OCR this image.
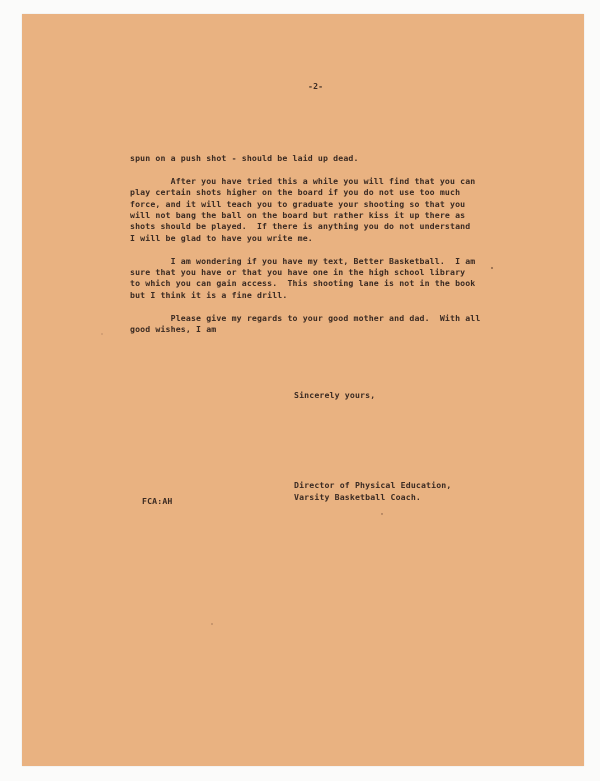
-2-

spun on a push shot - should be laid up dead.

After you have tried this a while you will find that you can
play certain shots higher on the board if you do not use too much
force, and it will teach you to graduate your shooting so that you
will not bang the ball on the board but rather kiss it up there as
shots should be played.  If there is anything you do not understand
I will be glad to have you write me.

I am wondering if you have my text, Better Basketball.  I am
sure that you have or that you have one in the high school library
to which you can gain access.  This shooting lane is not in the book
but I think it is a fine drill.

Please give my regards to your good mother and dad.  With all
good wishes, I am

Sincerely yours,
Director of Physical Education,
Varsity Basketball Coach.
FCA:AH
